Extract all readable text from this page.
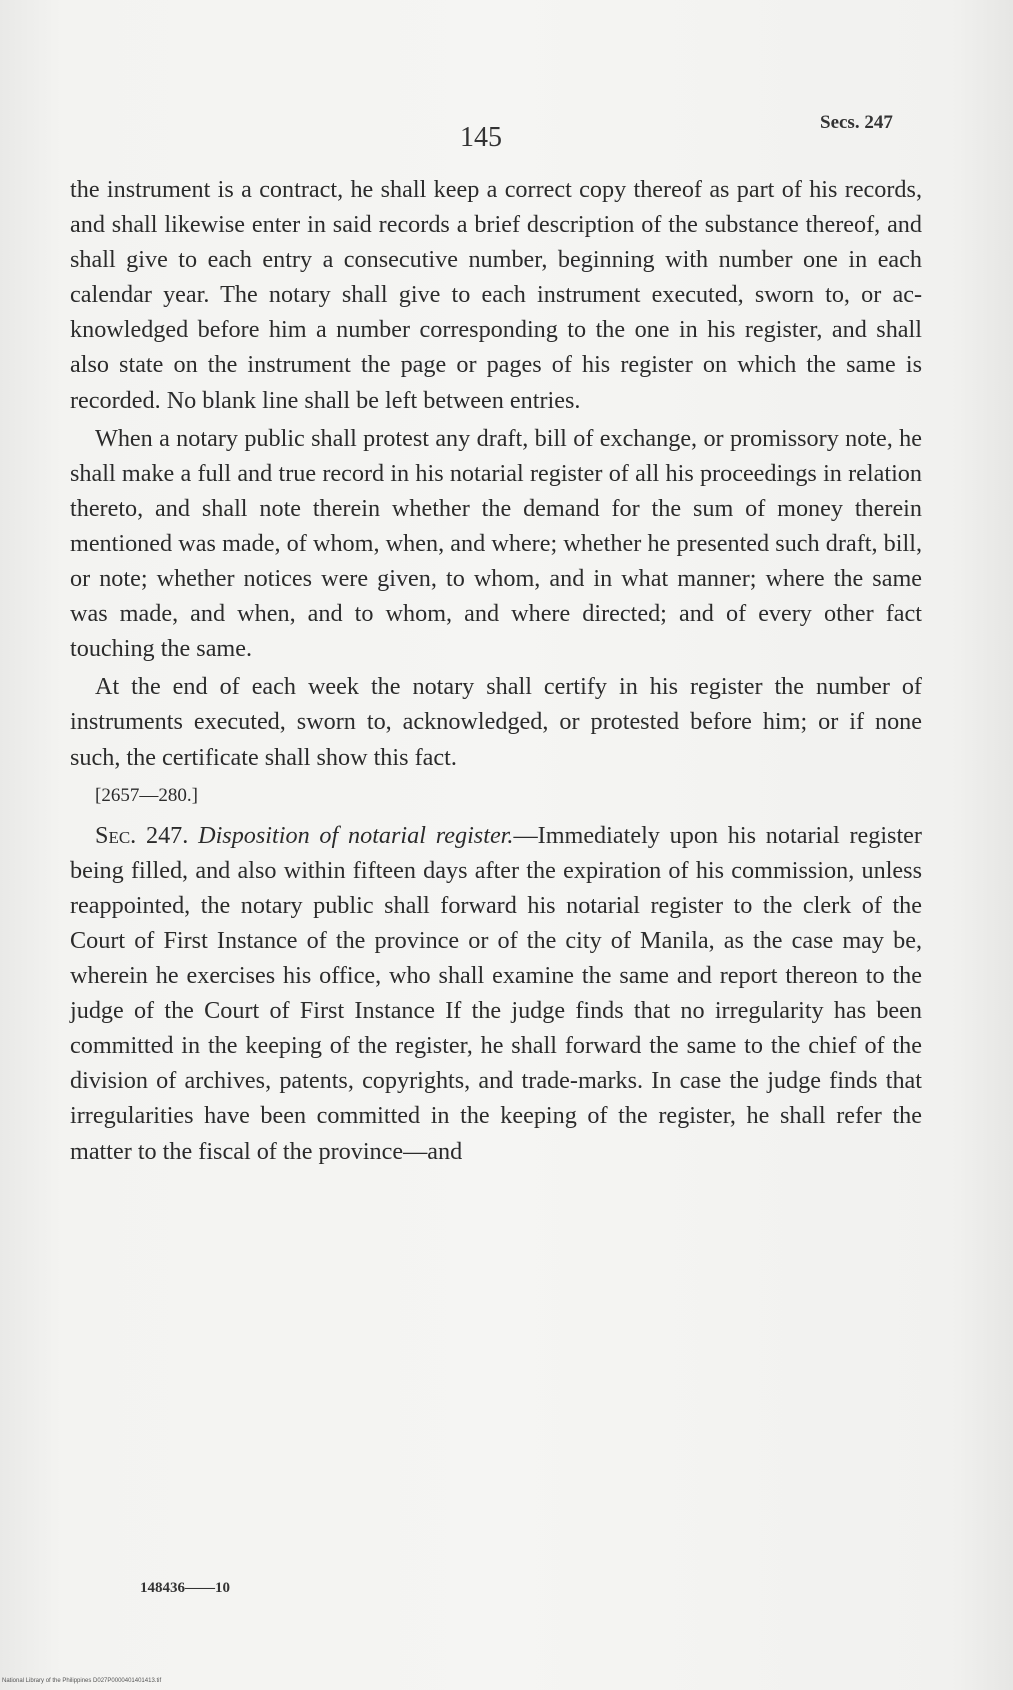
145	Secs. 247

the instrument is a contract, he shall keep a correct copy thereof as part of his records, and shall likewise enter in said records a brief description of the substance thereof, and shall give to each entry a consecutive number, beginning with number one in each calendar year. The notary shall give to each instrument executed, sworn to, or acknowledged before him a number corresponding to the one in his register, and shall also state on the instrument the page or pages of his register on which the same is recorded. No blank line shall be left between entries.

When a notary public shall protest any draft, bill of exchange, or promissory note, he shall make a full and true record in his notarial register of all his proceedings in relation thereto, and shall note therein whether the demand for the sum of money therein mentioned was made, of whom, when, and where; whether he presented such draft, bill, or note; whether notices were given, to whom, and in what manner; where the same was made, and when, and to whom, and where directed; and of every other fact touching the same.

At the end of each week the notary shall certify in his register the number of instruments executed, sworn to, acknowledged, or protested before him; or if none such, the certificate shall show this fact.

[2657—280.]

Sec. 247. Disposition of notarial register.—Immediately upon his notarial register being filled, and also within fifteen days after the expiration of his commission, unless reappointed, the notary public shall forward his notarial register to the clerk of the Court of First Instance of the province or of the city of Manila, as the case may be, wherein he exercises his office, who shall examine the same and report thereon to the judge of the Court of First Instance If the judge finds that no irregularity has been committed in the keeping of the register, he shall forward the same to the chief of the division of archives, patents, copyrights, and trade-marks. In case the judge finds that irregularities have been committed in the keeping of the register, he shall refer the matter to the fiscal of the province—and

148436——10
National Library of the Philippines D027P0000401401413.tif
